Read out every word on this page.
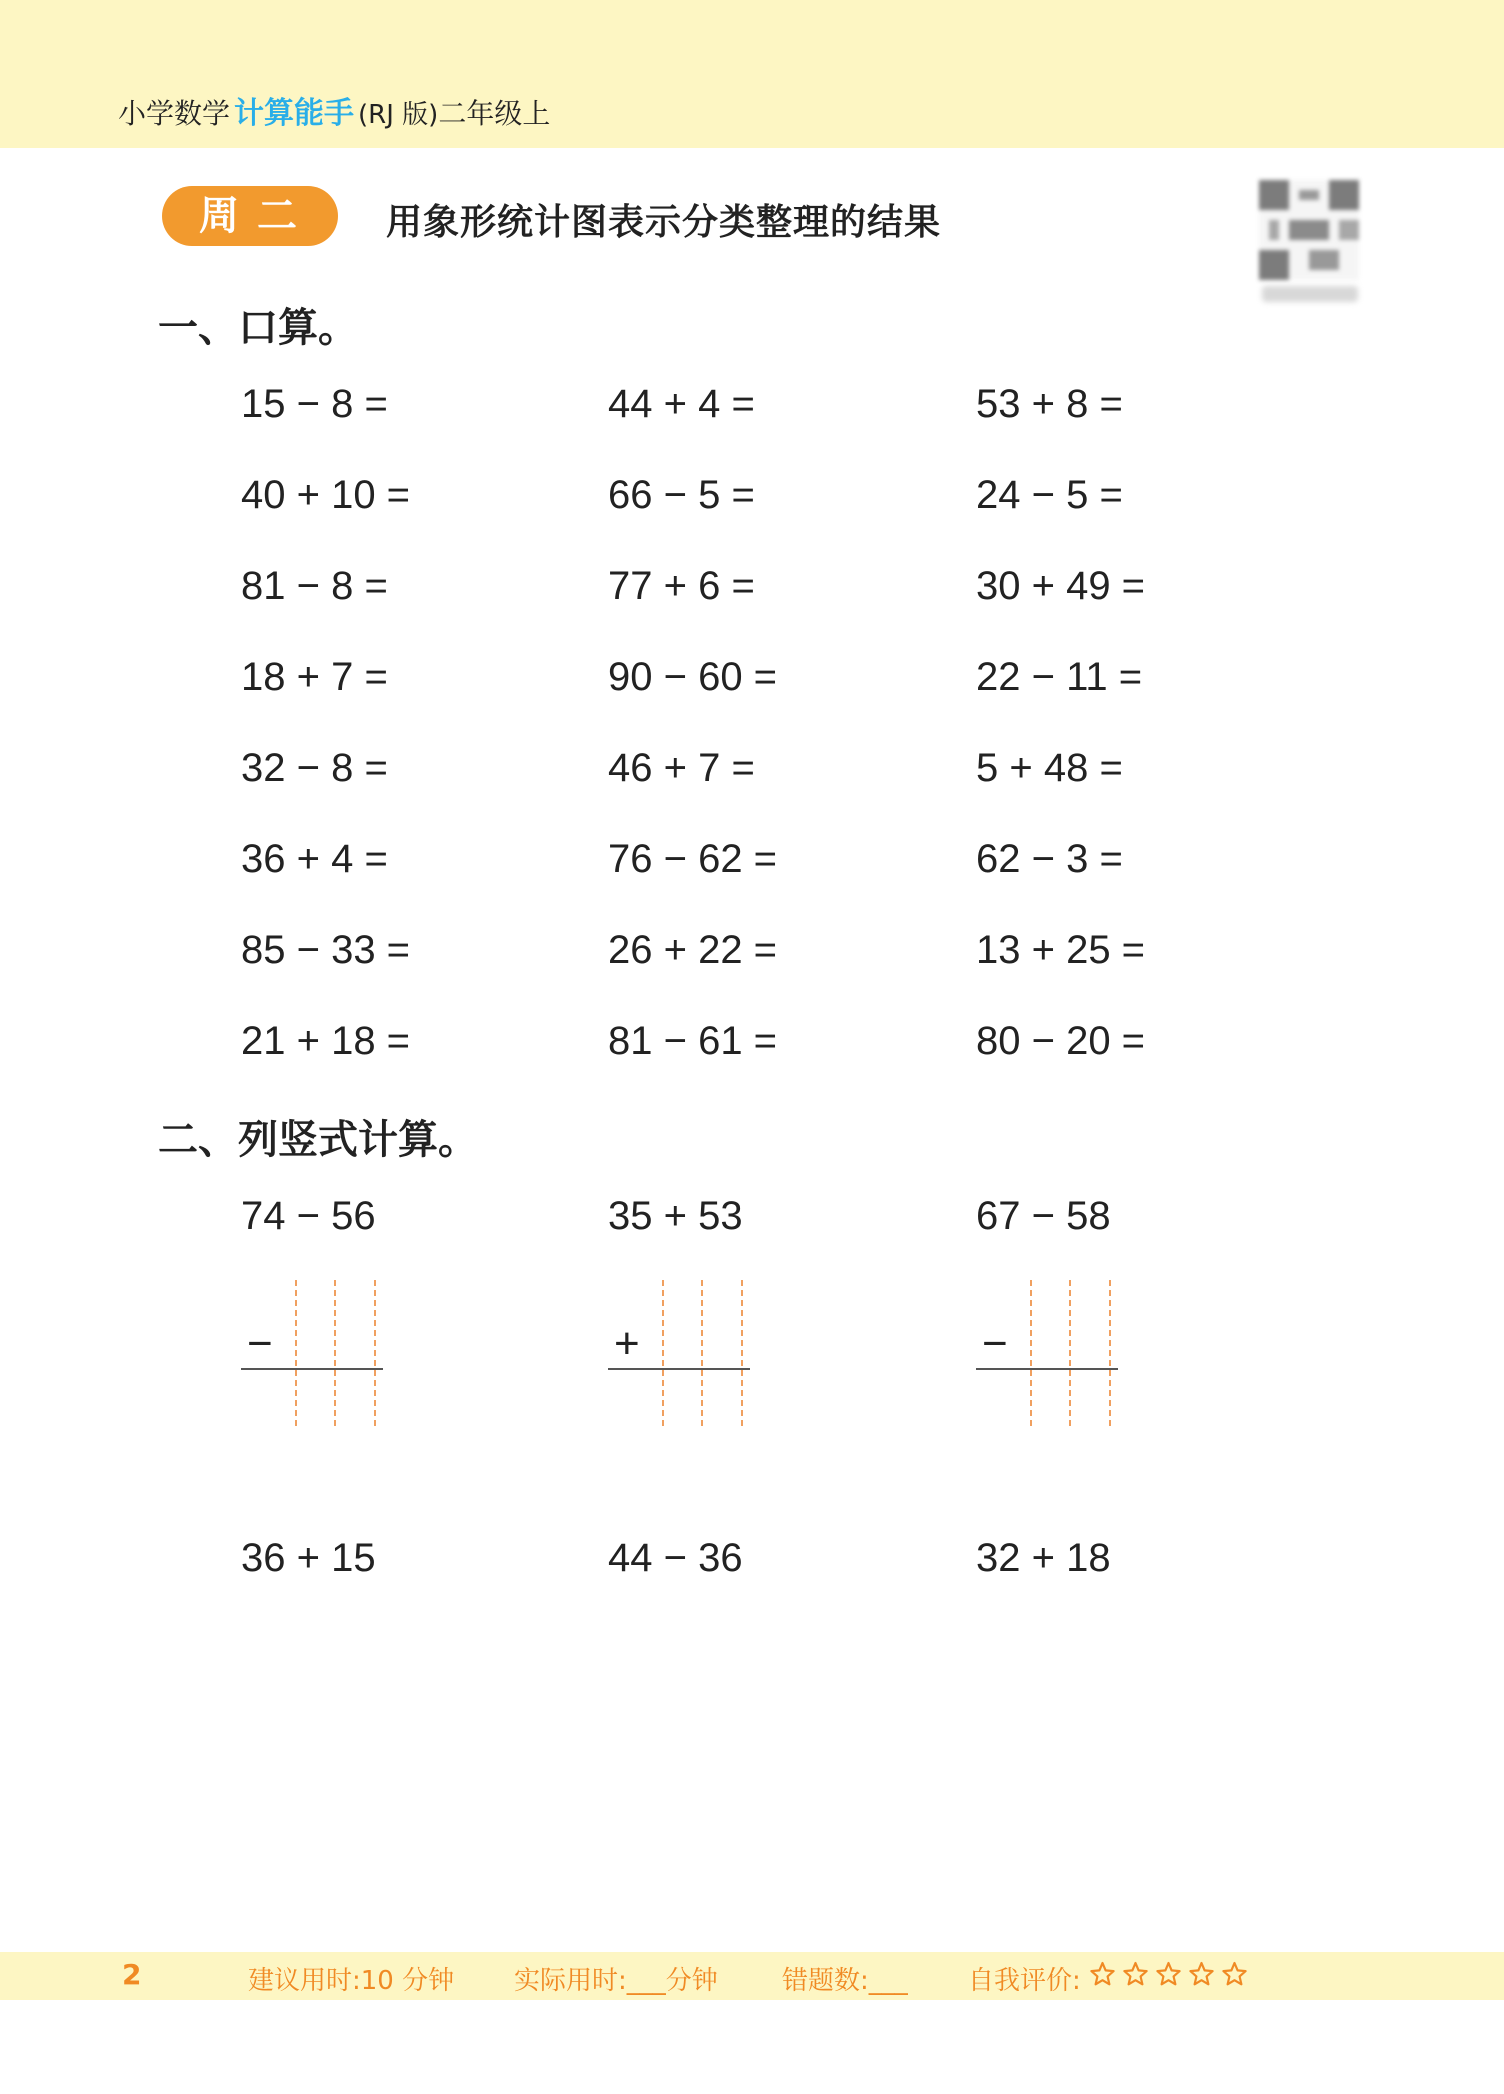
小学数学 计算能手 (RJ 版)二年级上
周二	用象形统计图表示分类整理的结果
一、口算。
15 − 8 =	44 + 4 =	53 + 8 =
40 + 10 =	66 − 5 =	24 − 5 =
81 − 8 =	77 + 6 =	30 + 49 =
18 + 7 =	90 − 60 =	22 − 11 =
32 − 8 =	46 + 7 =	5 + 48 =
36 + 4 =	76 − 62 =	62 − 3 =
85 − 33 =	26 + 22 =	13 + 25 =
21 + 18 =	81 − 61 =	80 − 20 =
二、列竖式计算。
74 − 56	35 + 53	67 − 58
−	+	−
36 + 15	44 − 36	32 + 18
2	建议用时:10 分钟 实际用时:___分钟 错题数:___ 自我评价:
